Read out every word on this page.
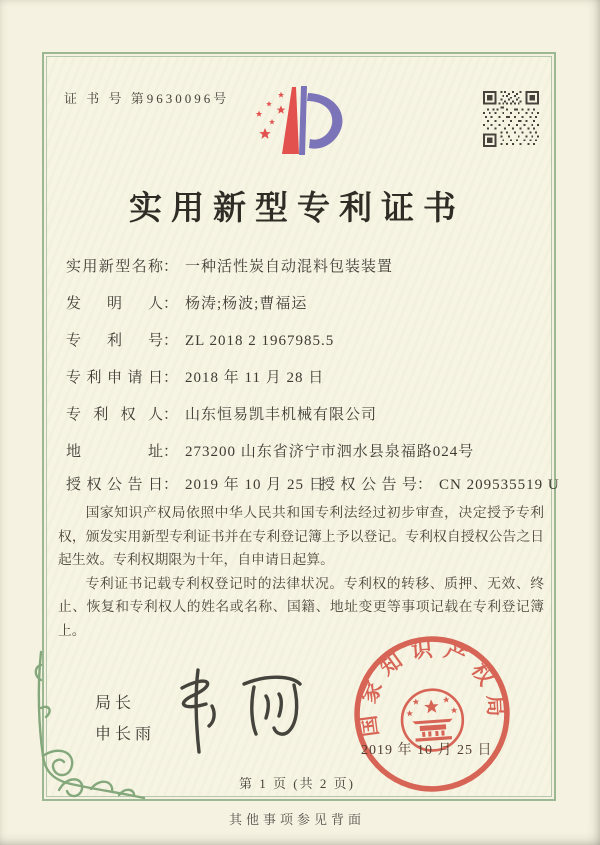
证 书 号 第9630096号
实用新型专利证书
实用新型名称： 一种活性炭自动混料包装装置
发明人： 杨涛;杨波;曹福运
专利号： ZL 2018 2 1967985.5
专利申请日： 2018 年 11 月 28 日
专利权人： 山东恒易凯丰机械有限公司
地址： 273200 山东省济宁市泗水县泉福路024号
授权公告日： 2019 年 10 月 25 日
授权公告号： CN 209535519 U

国家知识产权局依照中华人民共和国专利法经过初步审查，决定授予专利权，颁发实用新型专利证书并在专利登记簿上予以登记。专利权自授权公告之日起生效。专利权期限为十年，自申请日起算。

专利证书记载专利权登记时的法律状况。专利权的转移、质押、无效、终止、恢复和专利权人的姓名或名称、国籍、地址变更等事项记载在专利登记簿上。

局长
申长雨	国家知识产权局
2019 年 10 月 25 日
第 1 页 (共 2 页)
其他事项参见背面
